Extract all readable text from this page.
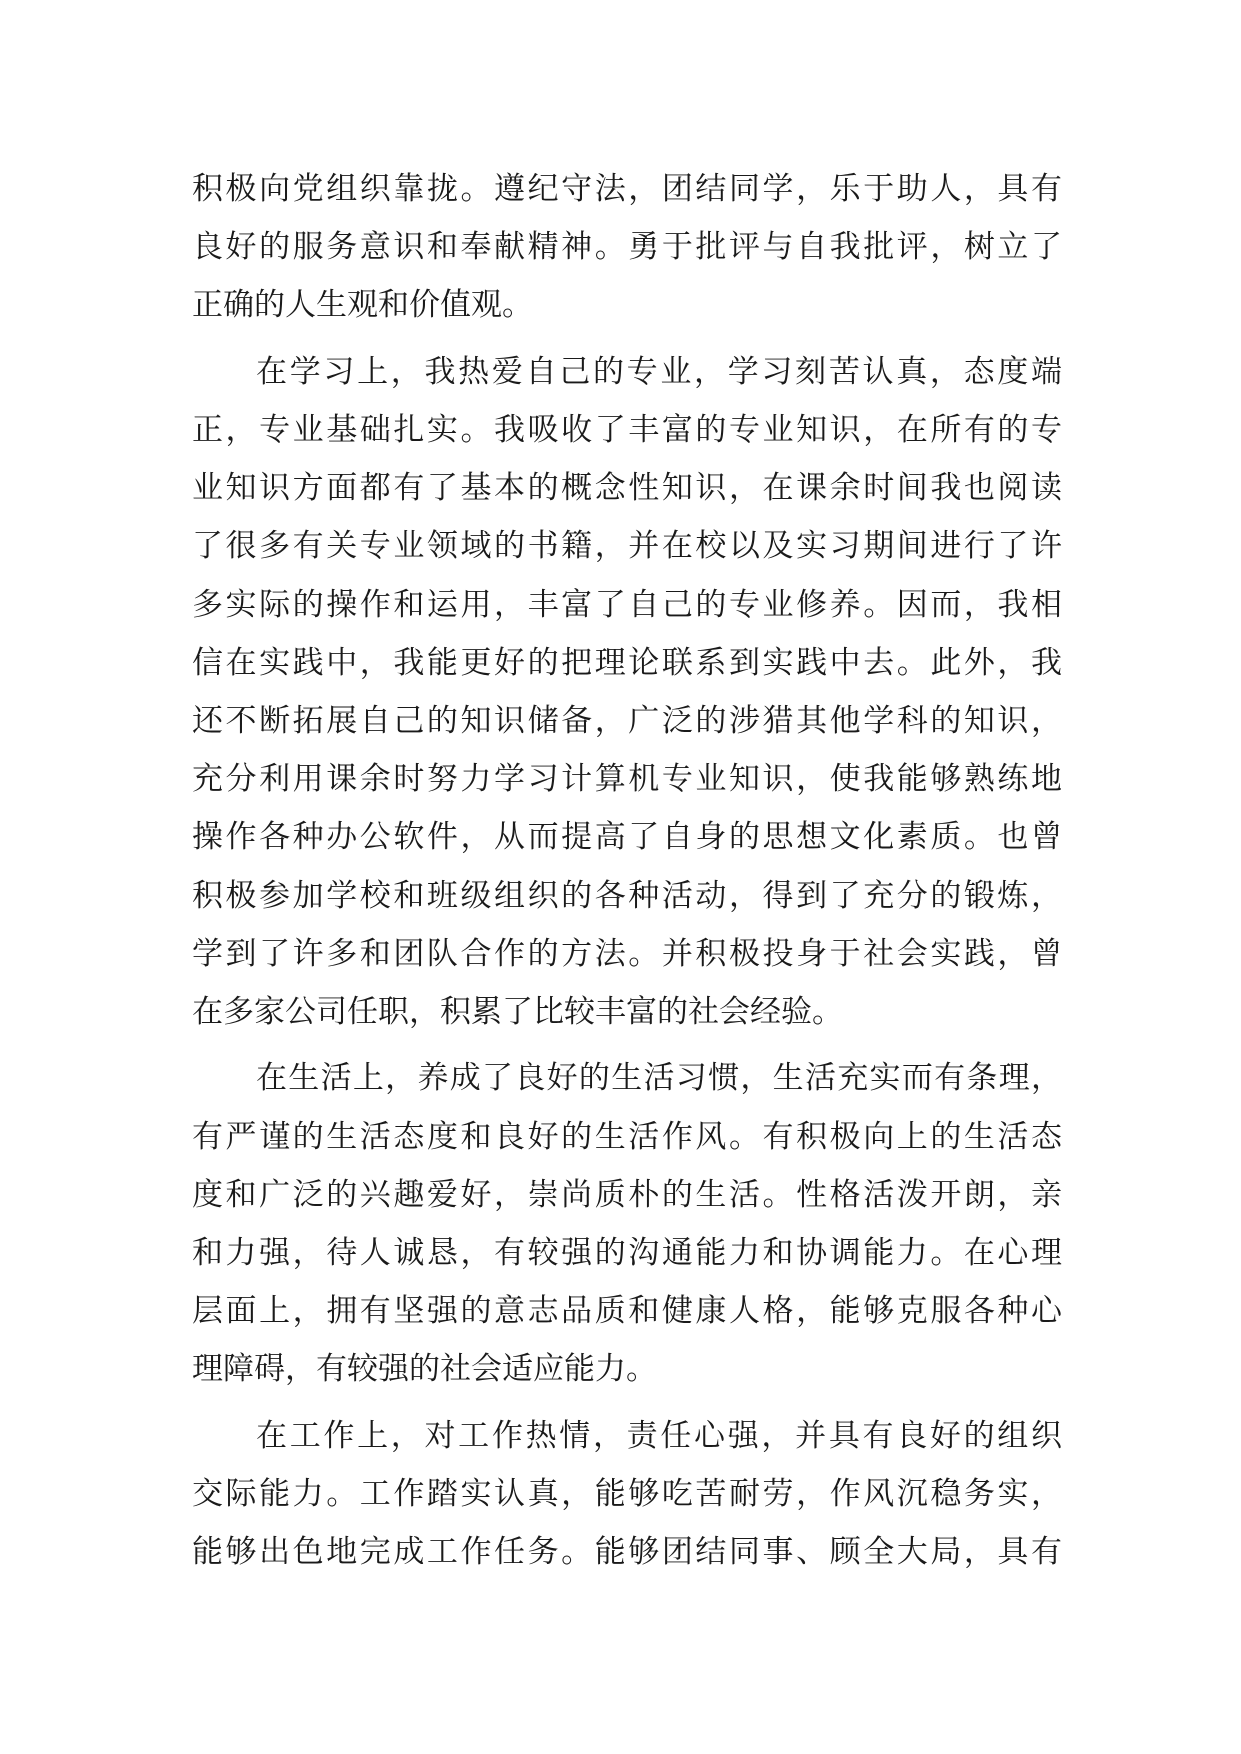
积极向党组织靠拢。遵纪守法，团结同学，乐于助人，具有
良好的服务意识和奉献精神。勇于批评与自我批评，树立了
正确的人生观和价值观。
在学习上，我热爱自己的专业，学习刻苦认真，态度端
正，专业基础扎实。我吸收了丰富的专业知识，在所有的专
业知识方面都有了基本的概念性知识，在课余时间我也阅读
了很多有关专业领域的书籍，并在校以及实习期间进行了许
多实际的操作和运用，丰富了自己的专业修养。因而，我相
信在实践中，我能更好的把理论联系到实践中去。此外，我
还不断拓展自己的知识储备，广泛的涉猎其他学科的知识，
充分利用课余时努力学习计算机专业知识，使我能够熟练地
操作各种办公软件，从而提高了自身的思想文化素质。也曾
积极参加学校和班级组织的各种活动，得到了充分的锻炼，
学到了许多和团队合作的方法。并积极投身于社会实践，曾
在多家公司任职，积累了比较丰富的社会经验。
在生活上，养成了良好的生活习惯，生活充实而有条理，
有严谨的生活态度和良好的生活作风。有积极向上的生活态
度和广泛的兴趣爱好，崇尚质朴的生活。性格活泼开朗，亲
和力强，待人诚恳，有较强的沟通能力和协调能力。在心理
层面上，拥有坚强的意志品质和健康人格，能够克服各种心
理障碍，有较强的社会适应能力。
在工作上，对工作热情，责任心强，并具有良好的组织
交际能力。工作踏实认真，能够吃苦耐劳，作风沉稳务实，
能够出色地完成工作任务。能够团结同事、顾全大局，具有
